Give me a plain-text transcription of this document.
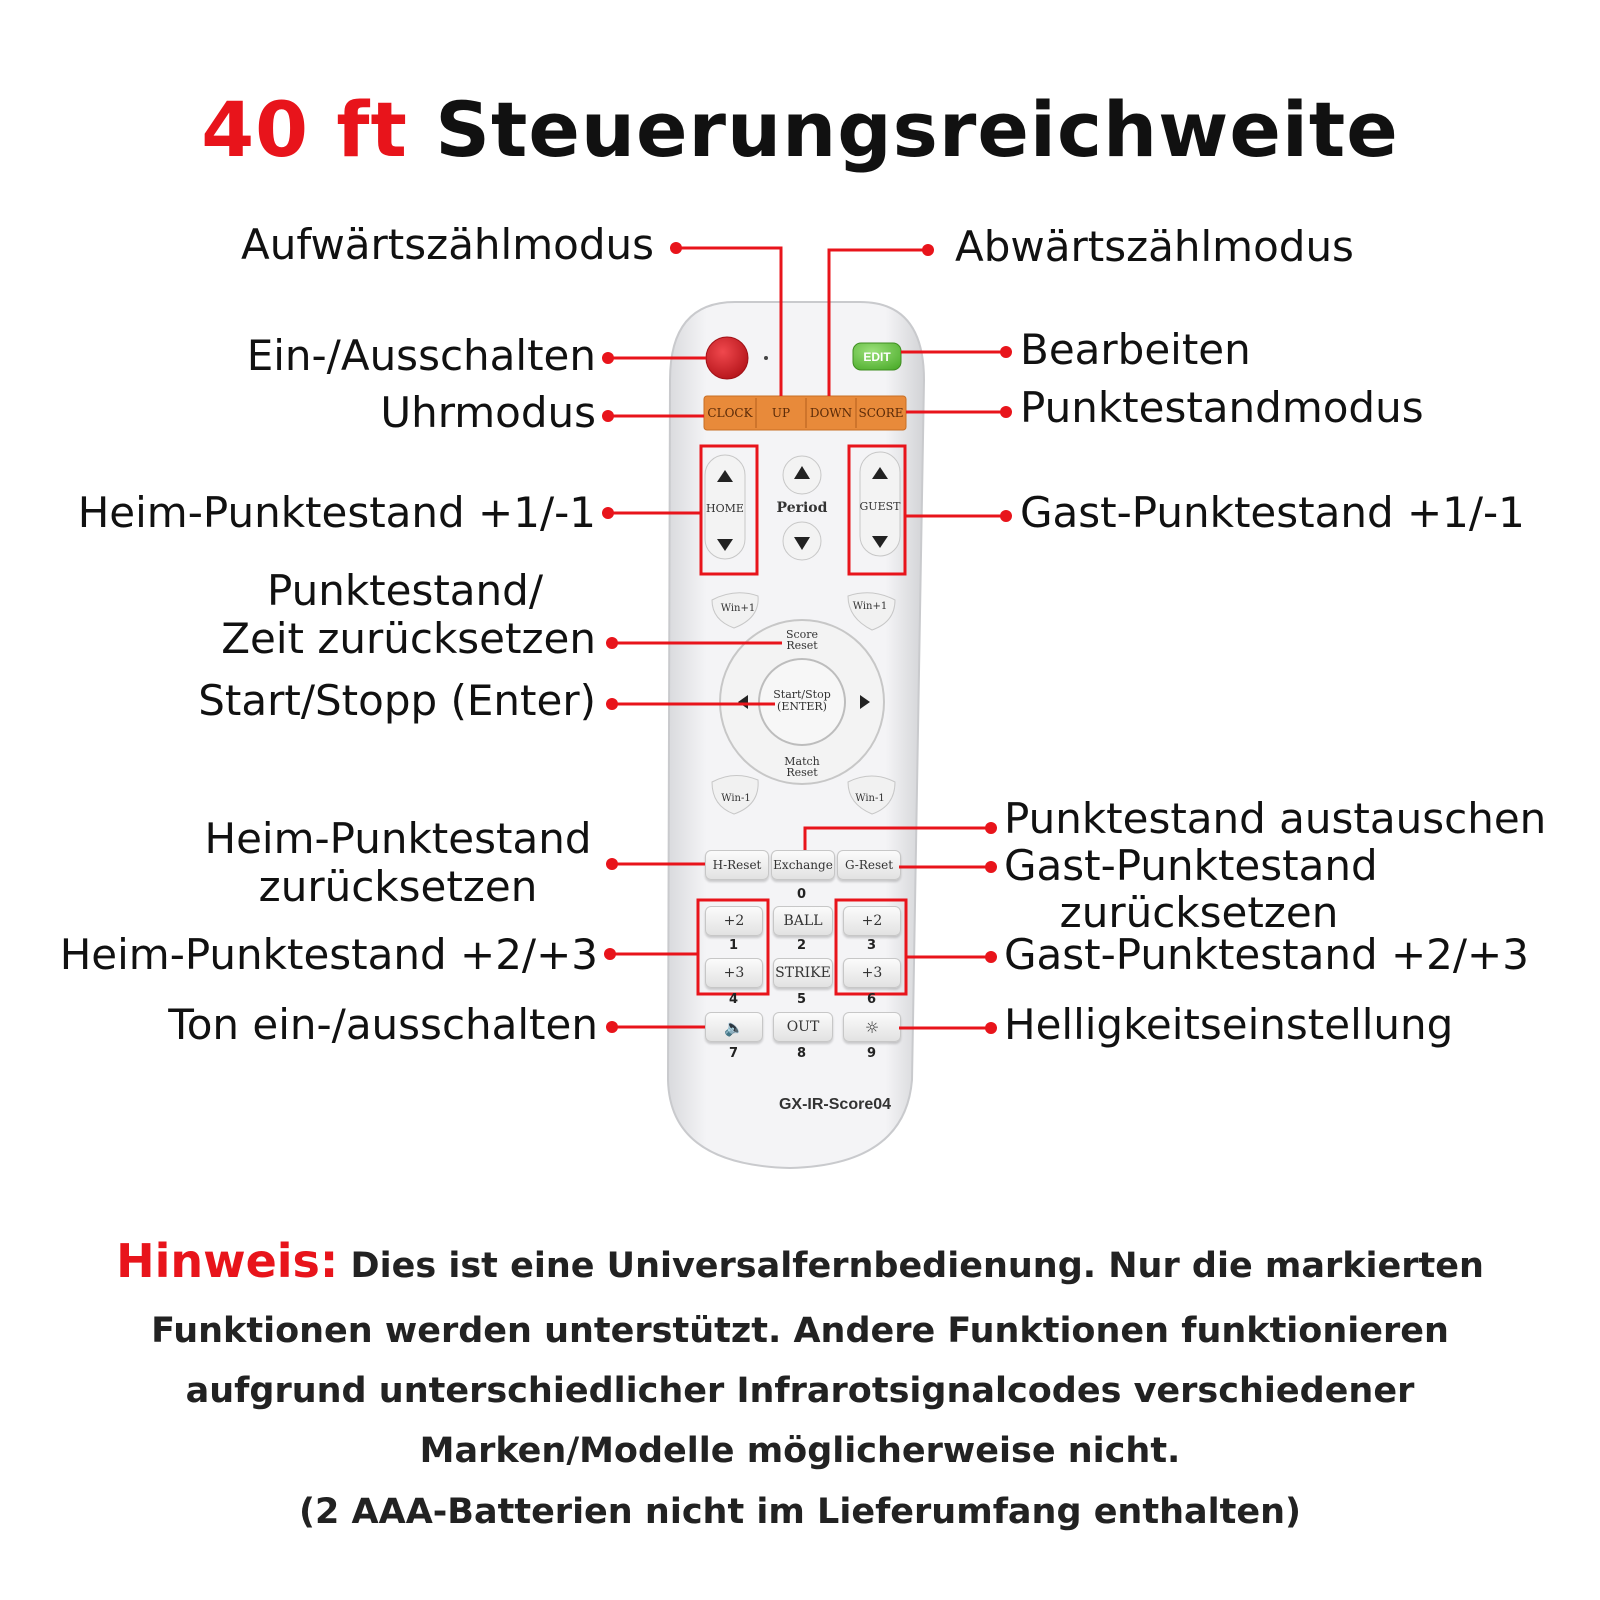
40 ft Steuerungsreichweite
EDIT
CLOCK	UP	DOWN SCORE
HOME	Period	GUEST
Win+1	Win+1
Win-1	Win-1
Score Reset
Start/Stop (ENTER)
Match Reset
H-Reset Exchange	G-Reset
+2	BALL	+2
+3	STRIKE	+3
🔈	OUT	☼
0
1	2	3
4	5	6
7	8	9
GX-IR-Score04
Aufwärtszählmodus	Abwärtszählmodus
Ein-/Ausschalten	Bearbeiten
Uhrmodus	Punktestandmodus
Heim-Punktestand +1/-1	Gast-Punktestand +1/-1
Punktestand/
Zeit zurücksetzen
Start/Stopp (Enter)
Punktestand austauschen
Heim-Punktestand
zurücksetzen	Gast-Punktestand
zurücksetzen
Heim-Punktestand +2/+3	Gast-Punktestand +2/+3
Ton ein-/ausschalten	Helligkeitseinstellung
Hinweis: Dies ist eine Universalfernbedienung. Nur die markierten Funktionen werden unterstützt. Andere Funktionen funktionieren aufgrund unterschiedlicher Infrarotsignalcodes verschiedener Marken/Modelle möglicherweise nicht.
(2 AAA-Batterien nicht im Lieferumfang enthalten)
